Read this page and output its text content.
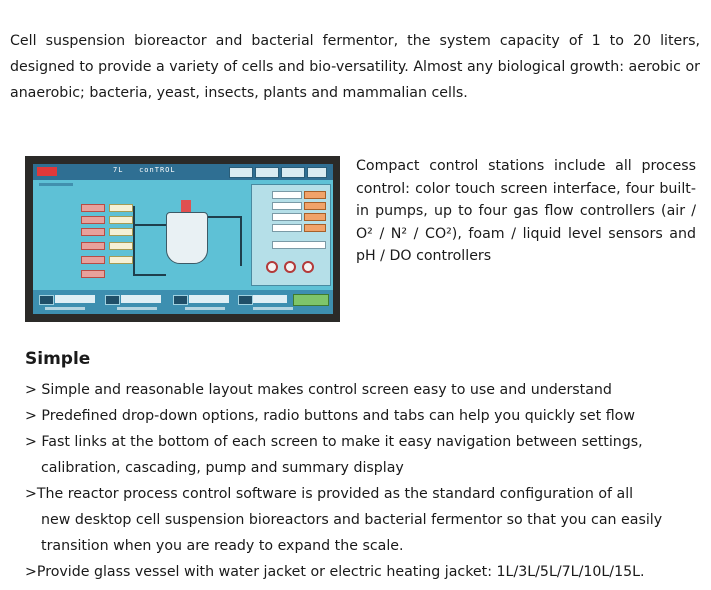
Cell suspension bioreactor and bacterial fermentor, the system capacity of 1 to 20 liters, designed to provide a variety of cells and bio-versatility. Almost any biological growth: aerobic or anaerobic; bacteria, yeast, insects, plants and mammalian cells.

7L conTROL	Compact control stations include all process control: color touch screen interface, four built-in pumps, up to four gas flow controllers (air / O² / N² / CO²), foam / liquid level sensors and pH / DO controllers

Simple
> Simple and reasonable layout makes control screen easy to use and understand
> Predefined drop-down options, radio buttons and tabs can help you quickly set flow
> Fast links at the bottom of each screen to make it easy navigation between settings,
calibration, cascading, pump and summary display
>The reactor process control software is provided as the standard configuration of all
new desktop cell suspension bioreactors and bacterial fermentor so that you can easily
transition when you are ready to expand the scale.
>Provide glass vessel with water jacket or electric heating jacket: 1L/3L/5L/7L/10L/15L.
